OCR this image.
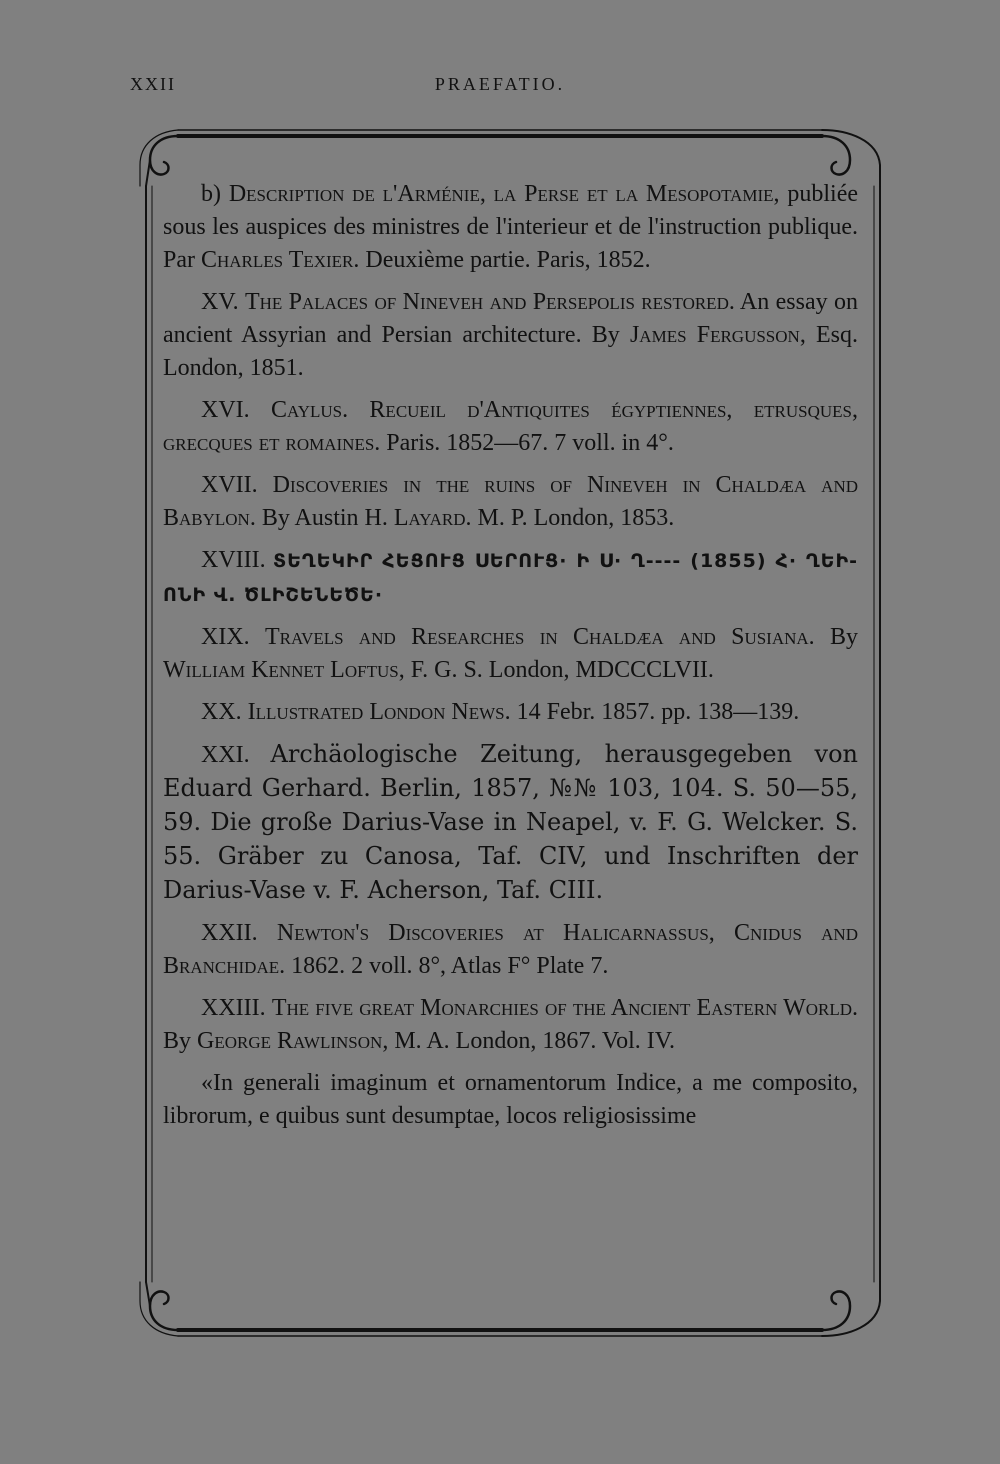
XXII	PRAEFATIO.

b) Description de l'Arménie, la Perse et la Mesopotamie, publiée sous les auspices des ministres de l'interieur et de l'instruction publique. Par Charles Texier. Deuxième partie. Paris, 1852.

XV. The Palaces of Nineveh and Persepolis restored. An essay on ancient Assyrian and Persian architecture. By James Fergusson, Esq. London, 1851.

XVI. Caylus. Recueil d'Antiquites égyptiennes, etrusques, grecques et romaines. Paris. 1852—67. 7 voll. in 4°.

XVII. Discoveries in the ruins of Nineveh in Chaldæa and Babylon. By Austin H. Layard. M. P. London, 1853.

XVIII. ՏԵՂԵԿԻՐ ՀԵՑՈՒՑ ՍԵՐՈՒՑ· Ի Ս· Ղ---- (1855) Հ· ՂԵԻ- ՈՆԻ Վ. ԾԼԻՇԵՆԵԾԵ·

XIX. Travels and Researches in Chaldæa and Susiana. By William Kennet Loftus, F. G. S. London, MDCCCLVII.

XX. Illustrated London News. 14 Febr. 1857. pp. 138—139.

XXI. Archäologische Zeitung, herausgegeben von Eduard Gerhard. Berlin, 1857, №№ 103, 104. S. 50—55, 59. Die große Darius-Vase in Neapel, v. F. G. Welcker. S. 55. Gräber zu Canosa, Taf. CIV, und Inschriften der Darius-Vase v. F. Acherson, Taf. CIII.

XXII. Newton's Discoveries at Halicarnassus, Cnidus and Branchidae. 1862. 2 voll. 8°, Atlas F° Plate 7.

XXIII. The five great Monarchies of the Ancient Eastern World. By George Rawlinson, M. A. London, 1867. Vol. IV.

«In generali imaginum et ornamentorum Indice, a me composito, librorum, e quibus sunt desumptae, locos religiosissime
